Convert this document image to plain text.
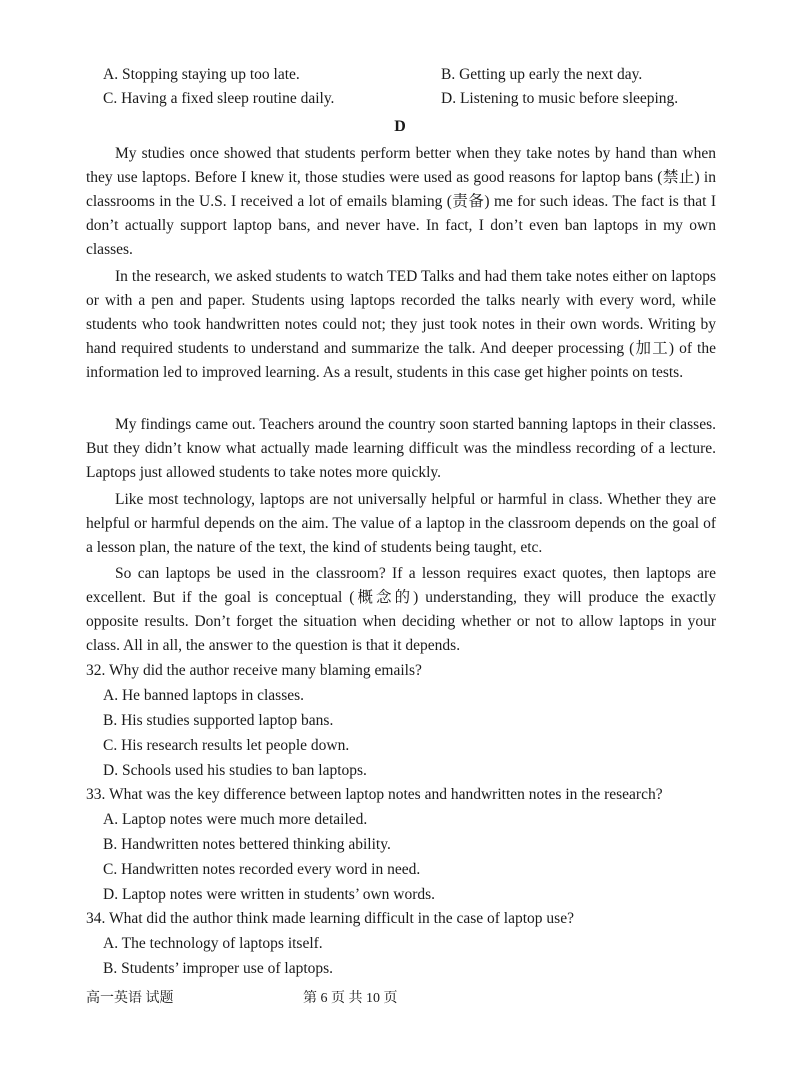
A. Stopping staying up too late.	B. Getting up early the next day.
C. Having a fixed sleep routine daily.	D. Listening to music before sleeping.
D

My studies once showed that students perform better when they take notes by hand than when they use laptops. Before I knew it, those studies were used as good reasons for laptop bans (禁止) in classrooms in the U.S. I received a lot of emails blaming (责备) me for such ideas. The fact is that I don’t actually support laptop bans, and never have. In fact, I don’t even ban laptops in my own classes.

In the research, we asked students to watch TED Talks and had them take notes either on laptops or with a pen and paper. Students using laptops recorded the talks nearly with every word, while students who took handwritten notes could not; they just took notes in their own words. Writing by hand required students to understand and summarize the talk. And deeper processing (加工) of the information led to improved learning. As a result, students in this case get higher points on tests.

My findings came out. Teachers around the country soon started banning laptops in their classes. But they didn’t know what actually made learning difficult was the mindless recording of a lecture. Laptops just allowed students to take notes more quickly.

Like most technology, laptops are not universally helpful or harmful in class. Whether they are helpful or harmful depends on the aim. The value of a laptop in the classroom depends on the goal of a lesson plan, the nature of the text, the kind of students being taught, etc.

So can laptops be used in the classroom? If a lesson requires exact quotes, then laptops are excellent. But if the goal is conceptual (概念的) understanding, they will produce the exactly opposite results. Don’t forget the situation when deciding whether or not to allow laptops in your class. All in all, the answer to the question is that it depends.

32. Why did the author receive many blaming emails?
A. He banned laptops in classes.
B. His studies supported laptop bans.
C. His research results let people down.
D. Schools used his studies to ban laptops.
33. What was the key difference between laptop notes and handwritten notes in the research?
A. Laptop notes were much more detailed.
B. Handwritten notes bettered thinking ability.
C. Handwritten notes recorded every word in need.
D. Laptop notes were written in students’ own words.
34. What did the author think made learning difficult in the case of laptop use?
A. The technology of laptops itself.
B. Students’ improper use of laptops.
高一英语 试题	第 6 页 共 10 页
